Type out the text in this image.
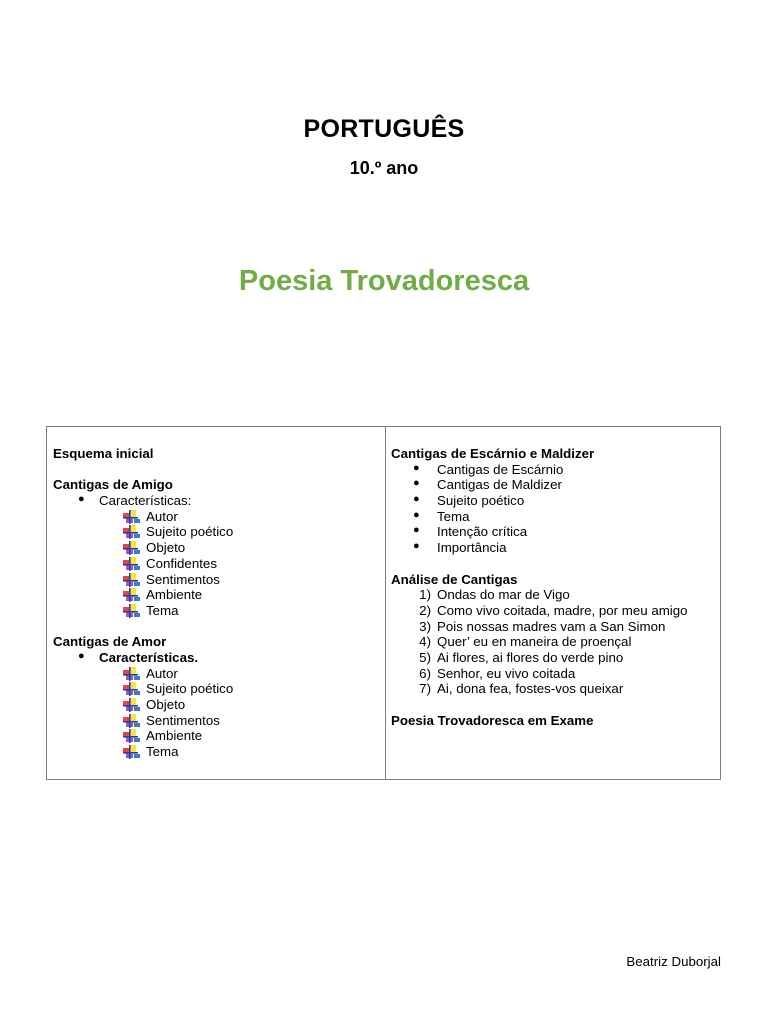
PORTUGUÊS
10.º ano
Poesia Trovadoresca
Esquema inicial
Cantigas de Amigo
● Características:
Autor
Sujeito poético
Objeto
Confidentes
Sentimentos
Ambiente
Tema
Cantigas de Amor
● Características.
Autor
Sujeito poético
Objeto
Sentimentos
Ambiente
Tema
Cantigas de Escárnio e Maldizer
● Cantigas de Escárnio
● Cantigas de Maldizer
● Sujeito poético
● Tema
● Intenção crítica
● Importância
Análise de Cantigas
1) Ondas do mar de Vigo
2) Como vivo coitada, madre, por meu amigo
3) Pois nossas madres vam a San Simon
4) Quer’ eu en maneira de proençal
5) Ai flores, ai flores do verde pino
6) Senhor, eu vivo coitada
7) Ai, dona fea, fostes-vos queixar
Poesia Trovadoresca em Exame
Beatriz Duborjal
